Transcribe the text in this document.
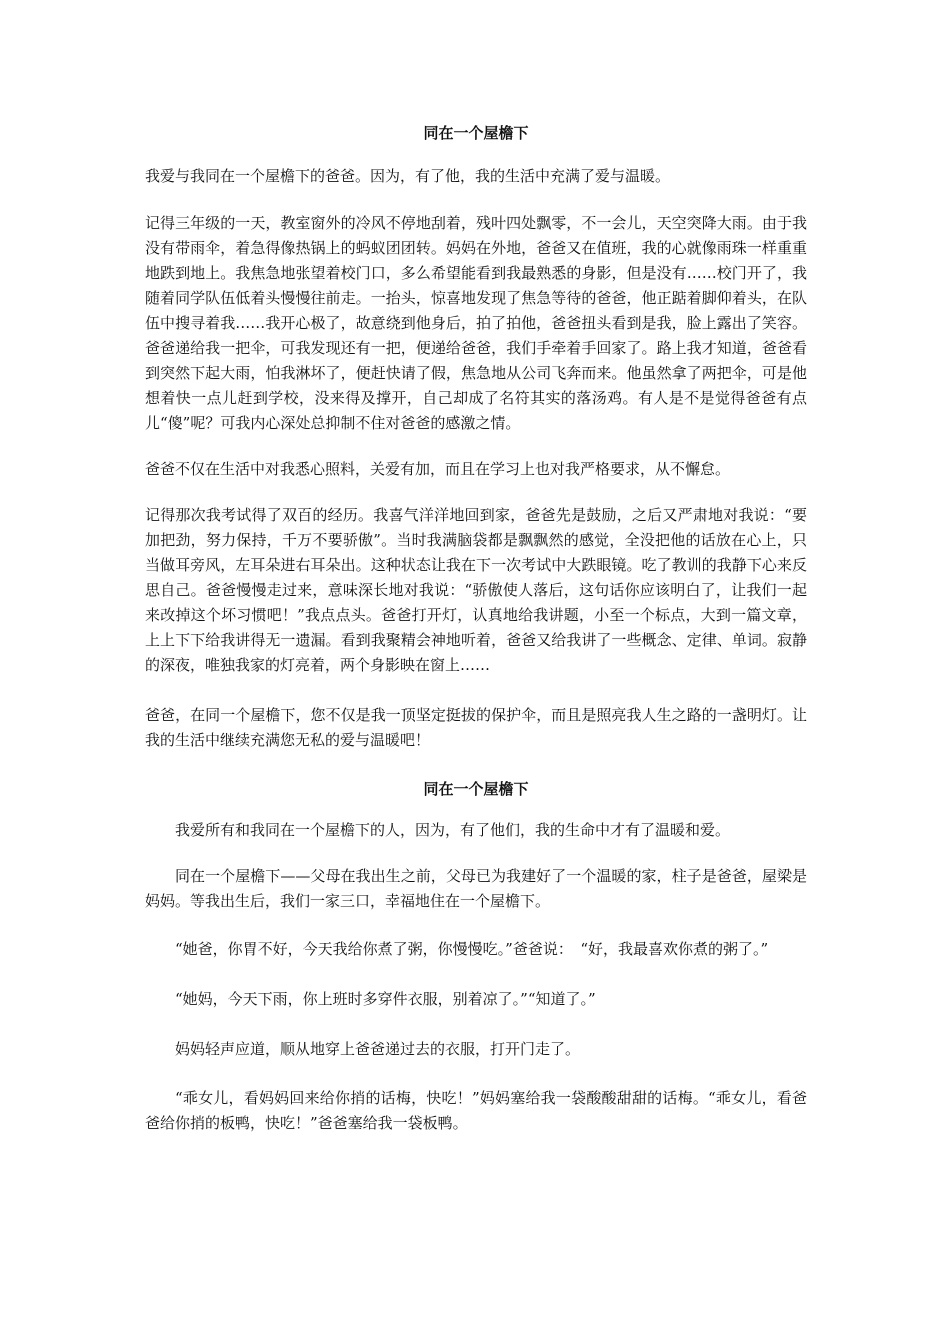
同在一个屋檐下

我爱与我同在一个屋檐下的爸爸。因为，有了他，我的生活中充满了爱与温暖。

记得三年级的一天，教室窗外的冷风不停地刮着，残叶四处飘零，不一会儿，天空突降大雨。由于我没有带雨伞，着急得像热锅上的蚂蚁团团转。妈妈在外地，爸爸又在值班，我的心就像雨珠一样重重地跌到地上。我焦急地张望着校门口，多么希望能看到我最熟悉的身影，但是没有……校门开了，我随着同学队伍低着头慢慢往前走。一抬头，惊喜地发现了焦急等待的爸爸，他正踮着脚仰着头，在队伍中搜寻着我……我开心极了，故意绕到他身后，拍了拍他，爸爸扭头看到是我，脸上露出了笑容。爸爸递给我一把伞，可我发现还有一把，便递给爸爸，我们手牵着手回家了。路上我才知道，爸爸看到突然下起大雨，怕我淋坏了，便赶快请了假，焦急地从公司飞奔而来。他虽然拿了两把伞，可是他想着快一点儿赶到学校，没来得及撑开，自己却成了名符其实的落汤鸡。有人是不是觉得爸爸有点儿“傻”呢？可我内心深处总抑制不住对爸爸的感激之情。

爸爸不仅在生活中对我悉心照料，关爱有加，而且在学习上也对我严格要求，从不懈怠。

记得那次我考试得了双百的经历。我喜气洋洋地回到家，爸爸先是鼓励，之后又严肃地对我说：“要加把劲，努力保持，千万不要骄傲”。当时我满脑袋都是飘飘然的感觉，全没把他的话放在心上，只当做耳旁风，左耳朵进右耳朵出。这种状态让我在下一次考试中大跌眼镜。吃了教训的我静下心来反思自己。爸爸慢慢走过来，意味深长地对我说：“骄傲使人落后，这句话你应该明白了，让我们一起来改掉这个坏习惯吧！”我点点头。爸爸打开灯，认真地给我讲题，小至一个标点，大到一篇文章，上上下下给我讲得无一遗漏。看到我聚精会神地听着，爸爸又给我讲了一些概念、定律、单词。寂静的深夜，唯独我家的灯亮着，两个身影映在窗上……

爸爸，在同一个屋檐下，您不仅是我一顶坚定挺拔的保护伞，而且是照亮我人生之路的一盏明灯。让我的生活中继续充满您无私的爱与温暖吧！

同在一个屋檐下

我爱所有和我同在一个屋檐下的人，因为，有了他们，我的生命中才有了温暖和爱。

同在一个屋檐下——父母在我出生之前，父母已为我建好了一个温暖的家，柱子是爸爸，屋梁是妈妈。等我出生后，我们一家三口，幸福地住在一个屋檐下。

“她爸，你胃不好，今天我给你煮了粥，你慢慢吃。”爸爸说：　“好，我最喜欢你煮的粥了。”

“她妈，今天下雨，你上班时多穿件衣服，别着凉了。”“知道了。”

妈妈轻声应道，顺从地穿上爸爸递过去的衣服，打开门走了。

“乖女儿，看妈妈回来给你捎的话梅，快吃！”妈妈塞给我一袋酸酸甜甜的话梅。“乖女儿，看爸爸给你捎的板鸭，快吃！”爸爸塞给我一袋板鸭。
